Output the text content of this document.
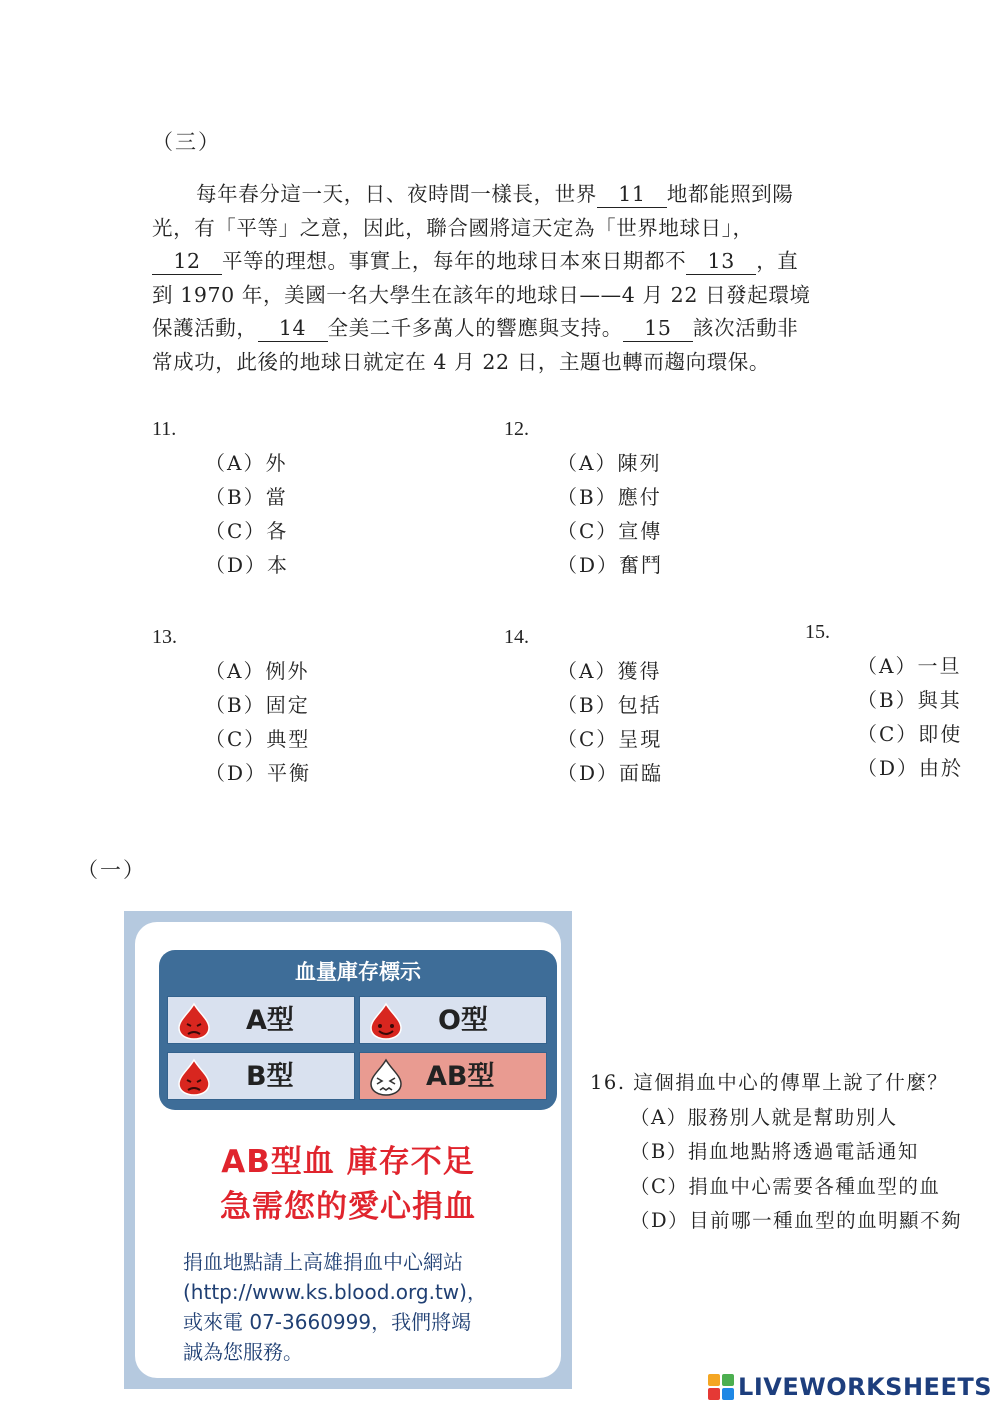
（三）
每年春分這一天，日、夜時間一樣長，世界 11 地都能照到陽
光，有「平等」之意，因此，聯合國將這天定為「世界地球日」，
12 平等的理想。事實上，每年的地球日本來日期都不 13 ，直
到 1970 年，美國一名大學生在該年的地球日——4 月 22 日發起環境
保護活動， 14 全美二千多萬人的響應與支持。 15 該次活動非
常成功，此後的地球日就定在 4 月 22 日，主題也轉而趨向環保。
11.
（A）外
（B）當
（C）各
（D）本
12.
（A）陳列
（B）應付
（C）宣傳
（D）奮鬥
13.
（A）例外
（B）固定
（C）典型
（D）平衡
14.
（A）獲得
（B）包括
（C）呈現
（D）面臨
15.
（A）一旦
（B）與其
（C）即使
（D）由於
（一）
血量庫存標示
A型	O型
B型	AB型
AB型血 庫存不足
急需您的愛心捐血
捐血地點請上高雄捐血中心網站
(http://www.ks.blood.org.tw)，
或來電 07-3660999，我們將竭
誠為您服務。
16. 這個捐血中心的傳單上說了什麼？
（A）服務別人就是幫助別人
（B）捐血地點將透過電話通知
（C）捐血中心需要各種血型的血
（D）目前哪一種血型的血明顯不夠
LIVEWORKSHEETS
